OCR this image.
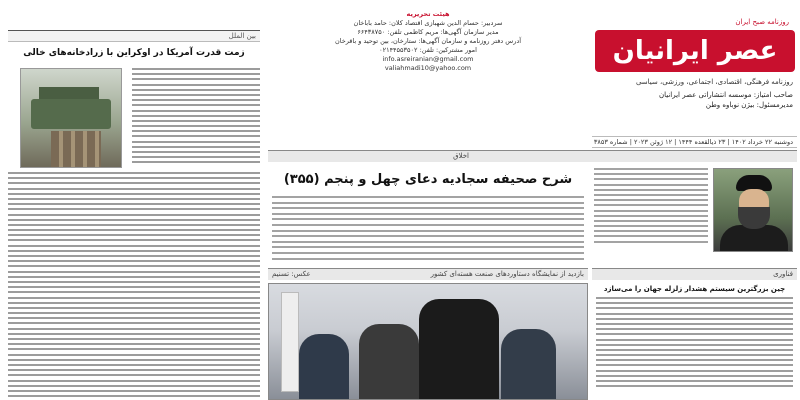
بین الملل
زمت قدرت آمریکا در اوکراین با زرادخانه‌های خالی
هیئت تحریریه
سردبیر: حسام الدین شهبازی اقتصاد کلان: حامد باباخان
مدیر سازمان آگهی‌ها: مریم کاظمی تلفن: ۶۶۴۳۸۷۵۰
آدرس دفتر روزنامه و سازمان آگهی‌ها: ستارخان، بین توحید و باقرخان
امور مشترکین: تلفن: ۰۲۱۴۴۵۵۳۵۰۲
info.asreiranian@gmail.com
valiahmadi10@yahoo.com
شرح صحیفه سجادیه دعای چهل و پنجم (۳۵۵)
بازدید از نمایشگاه دستاوردهای صنعت هسته‌ای کشور
عکس: تسنیم
روزنامه صبح ایران
عصر ایرانیان
روزنامه فرهنگی، اقتصادی، اجتماعی، ورزشی، سیاسی
صاحب امتیاز: موسسه انتشاراتی عصر ایرانیان
مدیرمسئول: بیژن نوباوه وطن
دوشنبه ۲۲ خرداد ۱۴۰۲ | ۲۳ ذیالقعده ۱۴۴۴ | ۱۲ ژوئن ۲۰۲۳ | شماره ۳۸۵۳
اخلاق
فناوری
چین بزرگترین سیستم هشدار زلزله جهان را می‌سازد
